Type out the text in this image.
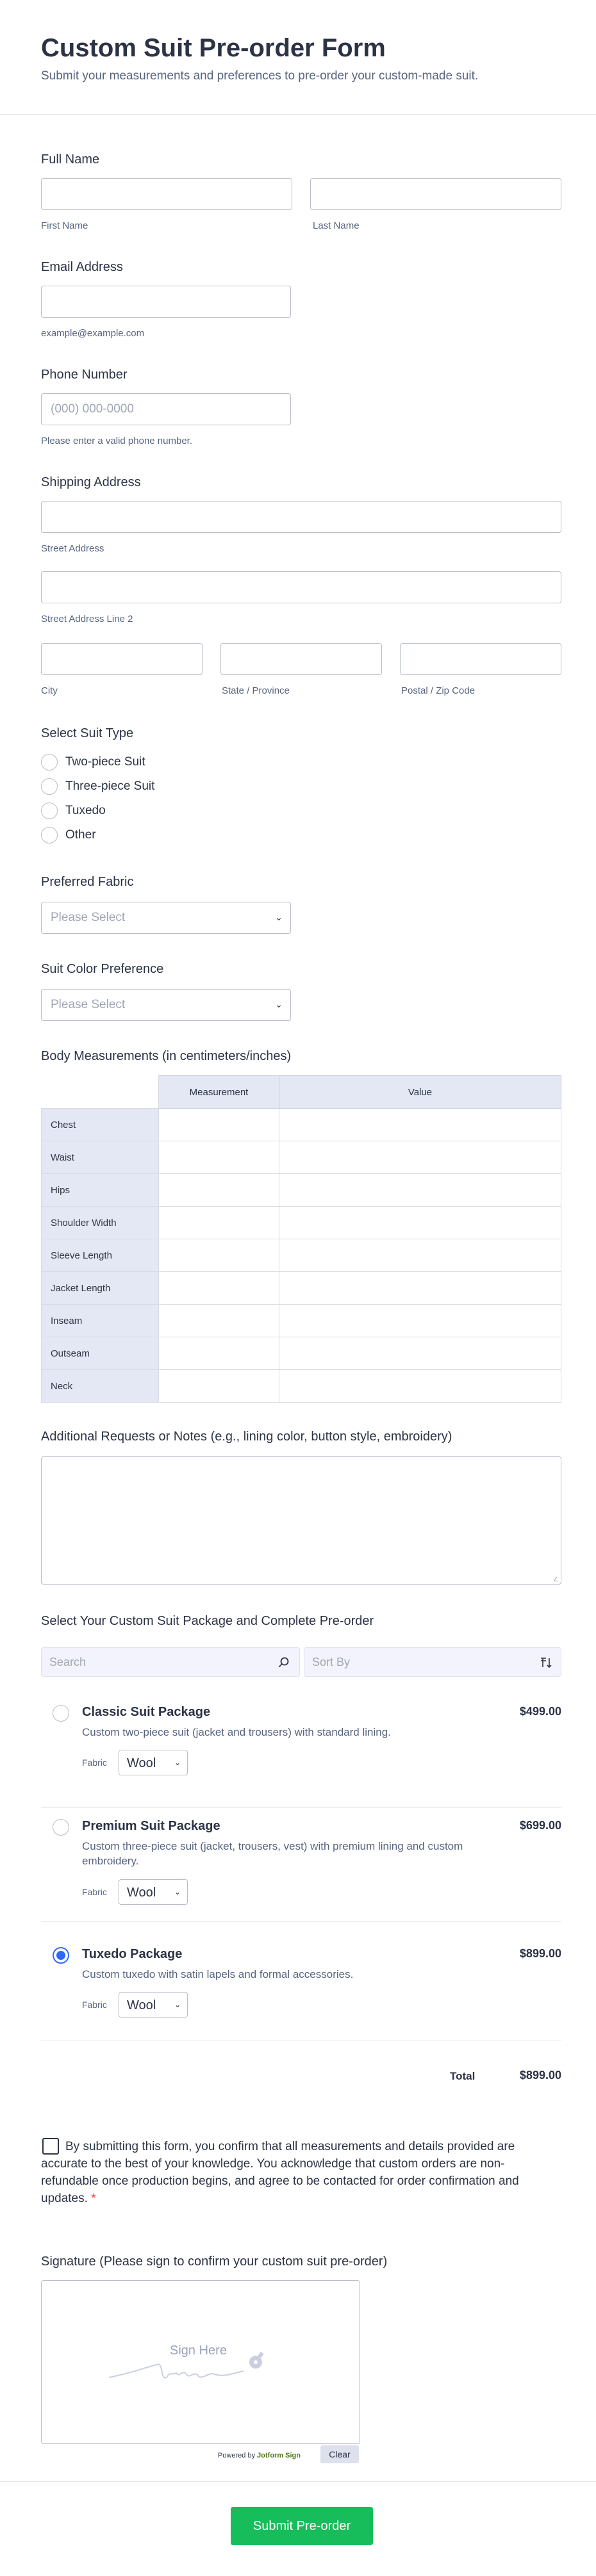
Custom Suit Pre-order Form

Submit your measurements and preferences to pre-order your custom-made suit.

Full Name
First Name	Last Name
Email Address
example@example.com
Phone Number
(000) 000-0000
Please enter a valid phone number.
Shipping Address
Street Address
Street Address Line 2
City	State / Province	Postal / Zip Code
Select Suit Type
Two-piece Suit
Three-piece Suit
Tuxedo
Other
Preferred Fabric
Please Select	⌄
Suit Color Preference
Please Select	⌄
Body Measurements (in centimeters/inches)
	Measurement	Value
Chest		
Waist		
Hips		
Shoulder Width		
Sleeve Length		
Jacket Length		
Inseam		
Outseam		
Neck		
Additional Requests or Notes (e.g., lining color, button style, embroidery)
∠
Select Your Custom Suit Package and Complete Pre-order
Search	Sort By
Classic Suit Package	$499.00
Custom two-piece suit (jacket and trousers) with standard lining.
Fabric Wool ⌄
Premium Suit Package	$699.00
Custom three-piece suit (jacket, trousers, vest) with premium lining and custom embroidery.
Fabric Wool ⌄
Tuxedo Package	$899.00
Custom tuxedo with satin lapels and formal accessories.
Fabric Wool ⌄
Total	$899.00
By submitting this form, you confirm that all measurements and details provided are accurate to the best of your knowledge. You acknowledge that custom orders are non-refundable once production begins, and agree to be contacted for order confirmation and updates. *
Signature (Please sign to confirm your custom suit pre-order)
Sign Here
Powered by Jotform Sign	Clear
Submit Pre-order
